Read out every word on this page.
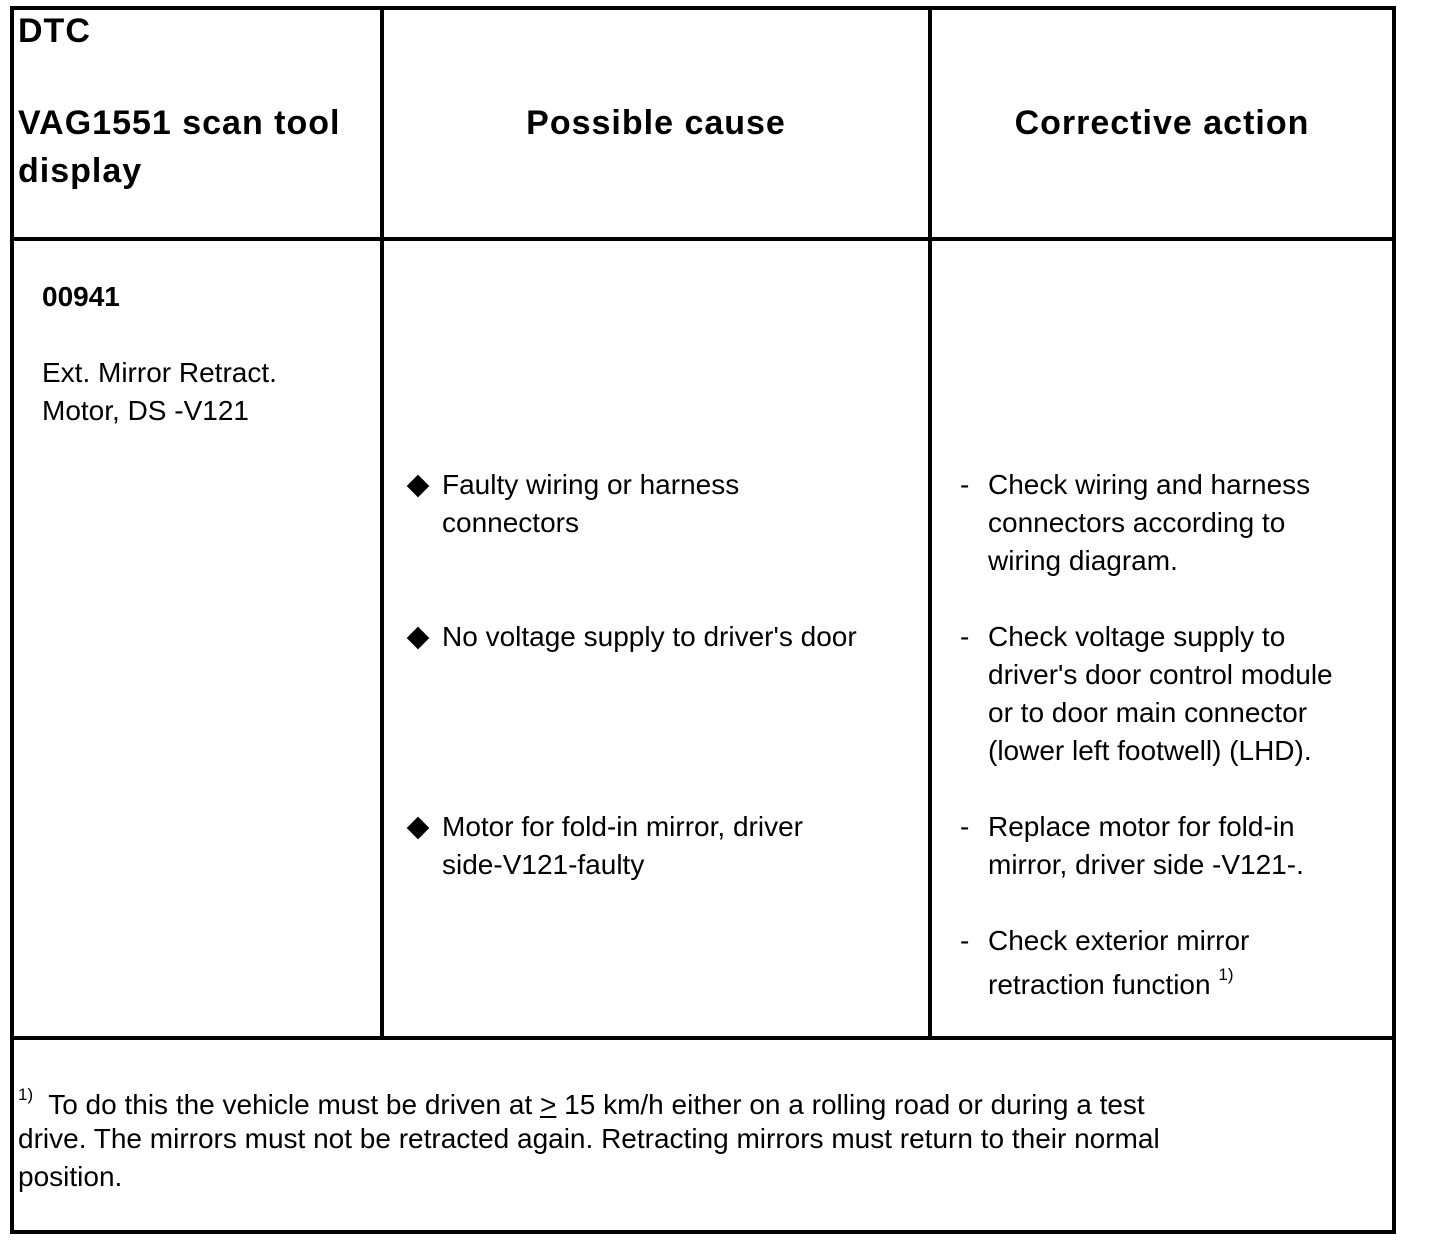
DTC
VAG1551 scan tool
display
Possible cause	Corrective action
00941
Ext. Mirror Retract.
Motor, DS -V121
Faulty wiring or harness
connectors
No voltage supply to driver's door
Motor for fold-in mirror, driver
side-V121-faulty
- Check wiring and harness
connectors according to
wiring diagram.
- Check voltage supply to
driver's door control module
or to door main connector
(lower left footwell) (LHD).
- Replace motor for fold-in
mirror, driver side -V121-.
- Check exterior mirror
retraction function $^{1)}$
$^{1)}$ To do this the vehicle must be driven at ≥ 15 km/h either on a rolling road or during a test
drive. The mirrors must not be retracted again. Retracting mirrors must return to their normal
position.
